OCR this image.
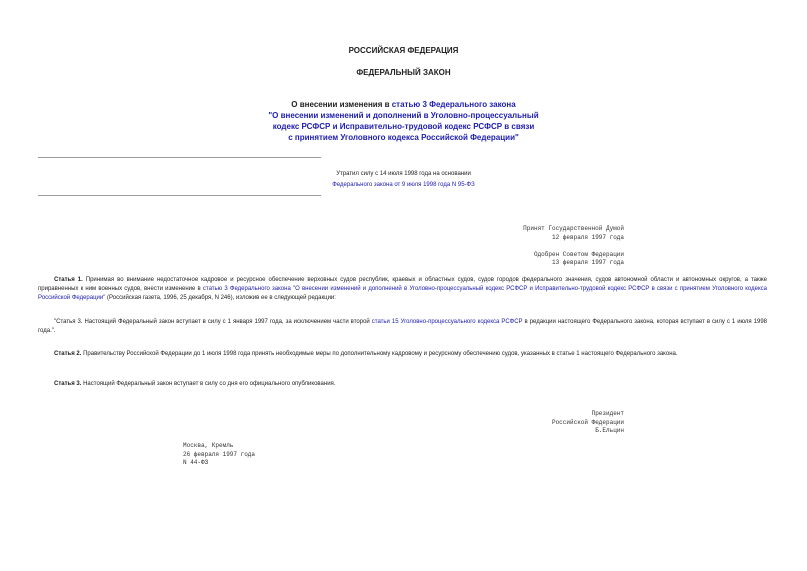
РОССИЙСКАЯ ФЕДЕРАЦИЯ
ФЕДЕРАЛЬНЫЙ ЗАКОН
О внесении изменения в статью 3 Федерального закона
"О внесении изменений и дополнений в Уголовно-процессуальный
кодекс РСФСР и Исправительно-трудовой кодекс РСФСР в связи
с принятием Уголовного кодекса Российской Федерации"
Утратил силу с 14 июля 1998 года на основании
Федерального закона от 9 июля 1998 года N 95-ФЗ
Принят Государственной Думой
12 февраля 1997 года
Одобрен Советом Федерации
13 февраля 1997 года
Статья 1. Принимая во внимание недостаточное кадровое и ресурсное обеспечение верховных судов республик, краевых и областных судов, судов городов федерального значения, судов автономной области и автономных округов, а также приравненных к ним военных судов, внести изменение в статью 3 Федерального закона "О внесении изменений и дополнений в Уголовно-процессуальный кодекс РСФСР и Исправительно-трудовой кодекс РСФСР в связи с принятием Уголовного кодекса Российской Федерации" (Российская газета, 1996, 25 декабря, N 246), изложив ее в следующей редакции:
"Статья 3. Настоящий Федеральный закон вступает в силу с 1 января 1997 года, за исключением части второй статьи 15 Уголовно-процессуального кодекса РСФСР в редакции настоящего Федерального закона, которая вступает в силу с 1 июля 1998 года.".
Статья 2. Правительству Российской Федерации до 1 июля 1998 года принять необходимые меры по дополнительному кадровому и ресурсному обеспечению судов, указанных в статье 1 настоящего Федерального закона.
Статья 3. Настоящий Федеральный закон вступает в силу со дня его официального опубликования.
Президент
Российской Федерации
Б.Ельцин
Москва, Кремль
26 февраля 1997 года
N 44-ФЗ
